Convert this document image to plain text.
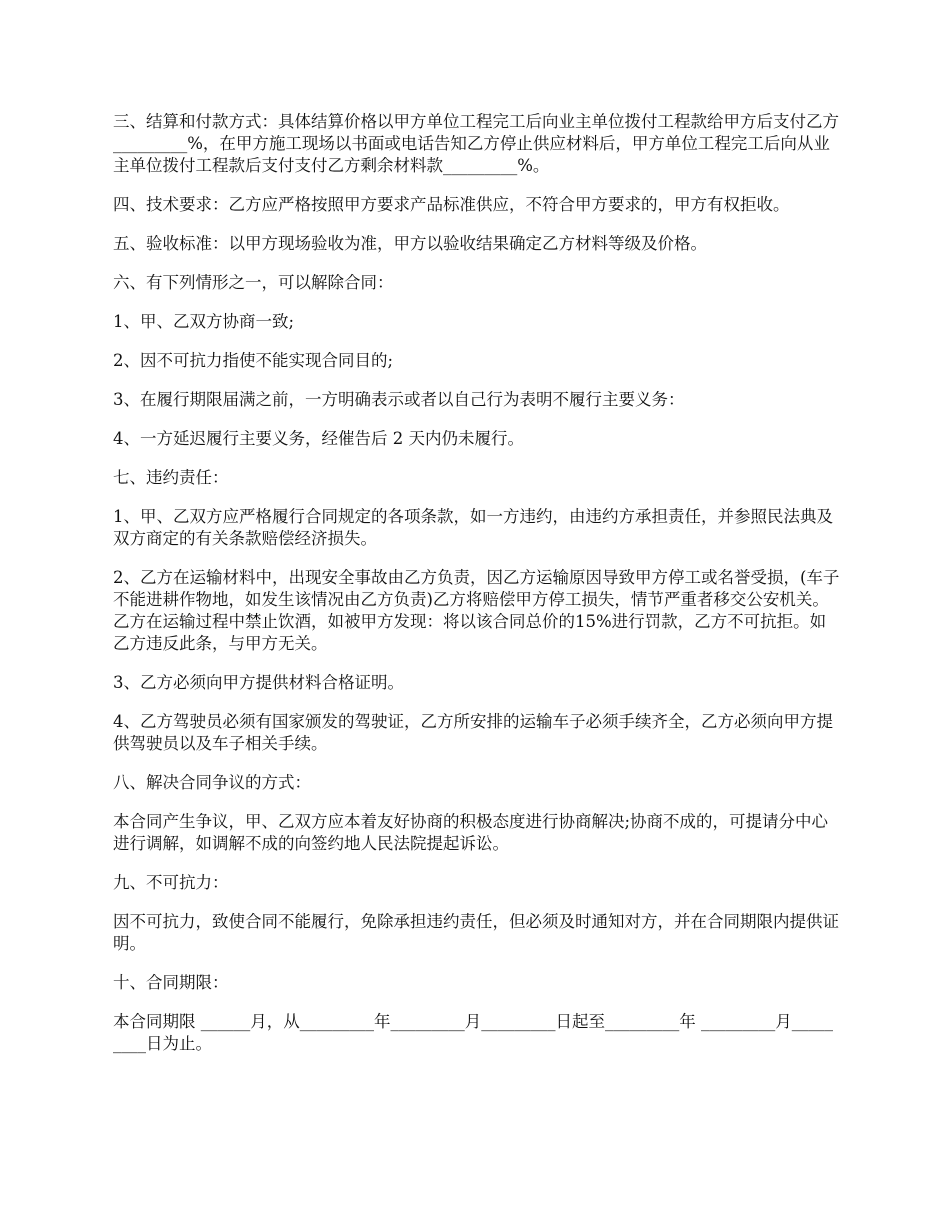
三、结算和付款方式：具体结算价格以甲方单位工程完工后向业主单位拨付工程款给甲方后支付乙方_________%，在甲方施工现场以书面或电话告知乙方停止供应材料后，甲方单位工程完工后向从业主单位拨付工程款后支付支付乙方剩余材料款_________%。

四、技术要求：乙方应严格按照甲方要求产品标准供应，不符合甲方要求的，甲方有权拒收。

五、验收标准：以甲方现场验收为准，甲方以验收结果确定乙方材料等级及价格。

六、有下列情形之一，可以解除合同：

1、甲、乙双方协商一致;

2、因不可抗力指使不能实现合同目的;

3、在履行期限届满之前，一方明确表示或者以自己行为表明不履行主要义务：

4、一方延迟履行主要义务，经催告后 2 天内仍未履行。

七、违约责任：

1、甲、乙双方应严格履行合同规定的各项条款，如一方违约，由违约方承担责任，并参照民法典及双方商定的有关条款赔偿经济损失。

2、乙方在运输材料中，出现安全事故由乙方负责，因乙方运输原因导致甲方停工或名誉受损，(车子不能进耕作物地，如发生该情况由乙方负责)乙方将赔偿甲方停工损失，情节严重者移交公安机关。乙方在运输过程中禁止饮酒，如被甲方发现：将以该合同总价的15%进行罚款，乙方不可抗拒。如乙方违反此条，与甲方无关。

3、乙方必须向甲方提供材料合格证明。

4、乙方驾驶员必须有国家颁发的驾驶证，乙方所安排的运输车子必须手续齐全，乙方必须向甲方提供驾驶员以及车子相关手续。

八、解决合同争议的方式：

本合同产生争议，甲、乙双方应本着友好协商的积极态度进行协商解决;协商不成的，可提请分中心进行调解，如调解不成的向签约地人民法院提起诉讼。

九、不可抗力：

因不可抗力，致使合同不能履行，免除承担违约责任，但必须及时通知对方，并在合同期限内提供证明。

十、合同期限：

本合同期限 ______月，从_________年_________月_________日起至_________年 _________月_________日为止。
